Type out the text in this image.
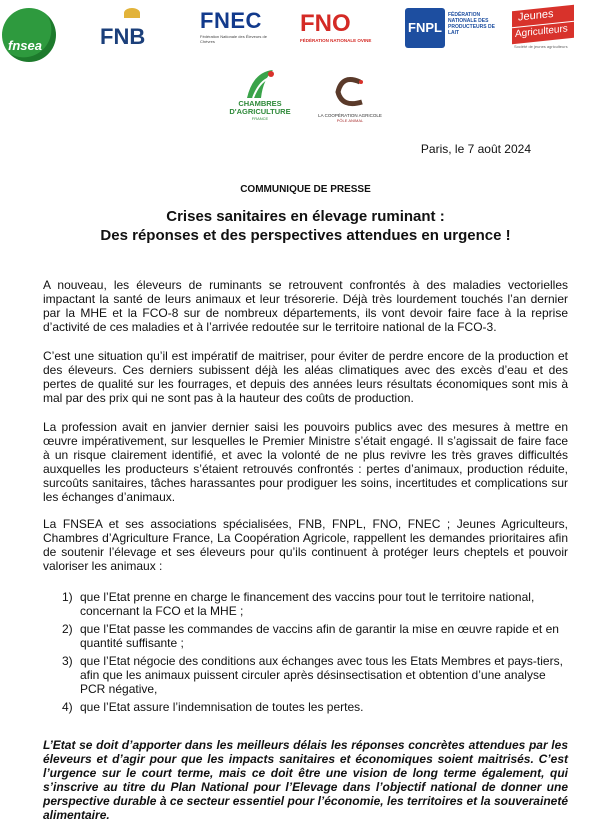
fnsea	FNB
FNEC
Fédération Nationale des Éleveurs de Chèvres
FNO
FÉDÉRATION NATIONALE OVINE
FNPL
FÉDÉRATION NATIONALE DES PRODUCTEURS DE LAIT
Jeunes
Agriculteurs
Société de jeunes agriculteurs
CHAMBRES D'AGRICULTURE
FRANCE
LA COOPÉRATION AGRICOLE
PÔLE ANIMAL
Paris, le 7 août 2024
COMMUNIQUE DE PRESSE
Crises sanitaires en élevage ruminant :
Des réponses et des perspectives attendues en urgence !
A nouveau, les éleveurs de ruminants se retrouvent confrontés à des maladies vectorielles impactant la santé de leurs animaux et leur trésorerie. Déjà très lourdement touchés l’an dernier par la MHE et la FCO-8 sur de nombreux départements, ils vont devoir faire face à la reprise d’activité de ces maladies et à l’arrivée redoutée sur le territoire national de la FCO-3.
C’est une situation qu’il est impératif de maitriser, pour éviter de perdre encore de la production et des éleveurs. Ces derniers subissent déjà les aléas climatiques avec des excès d’eau et des pertes de qualité sur les fourrages, et depuis des années leurs résultats économiques sont mis à mal par des prix qui ne sont pas à la hauteur des coûts de production.
La profession avait en janvier dernier saisi les pouvoirs publics avec des mesures à mettre en œuvre impérativement, sur lesquelles le Premier Ministre s’était engagé. Il s’agissait de faire face à un risque clairement identifié, et avec la volonté de ne plus revivre les très graves difficultés auxquelles les producteurs s’étaient retrouvés confrontés : pertes d’animaux, production réduite, surcoûts sanitaires, tâches harassantes pour prodiguer les soins, incertitudes et complications sur les échanges d’animaux.
La FNSEA et ses associations spécialisées, FNB, FNPL, FNO, FNEC ; Jeunes Agriculteurs, Chambres d’Agriculture France, La Coopération Agricole, rappellent les demandes prioritaires afin de soutenir l’élevage et ses éleveurs pour qu’ils continuent à protéger leurs cheptels et pouvoir valoriser les animaux :
1) que l’Etat prenne en charge le financement des vaccins pour tout le territoire national, concernant la FCO et la MHE ;
2) que l’Etat passe les commandes de vaccins afin de garantir la mise en œuvre rapide et en quantité suffisante ;
3) que l’Etat négocie des conditions aux échanges avec tous les Etats Membres et pays-tiers, afin que les animaux puissent circuler après désinsectisation et obtention d’une analyse PCR négative,
4) que l’Etat assure l’indemnisation de toutes les pertes.
L’Etat se doit d’apporter dans les meilleurs délais les réponses concrètes attendues par les éleveurs et d’agir pour que les impacts sanitaires et économiques soient maitrisés. C’est l’urgence sur le court terme, mais ce doit être une vision de long terme également, qui s’inscrive au titre du Plan National pour l’Elevage dans l’objectif national de donner une perspective durable à ce secteur essentiel pour l’économie, les territoires et la souveraineté alimentaire.
